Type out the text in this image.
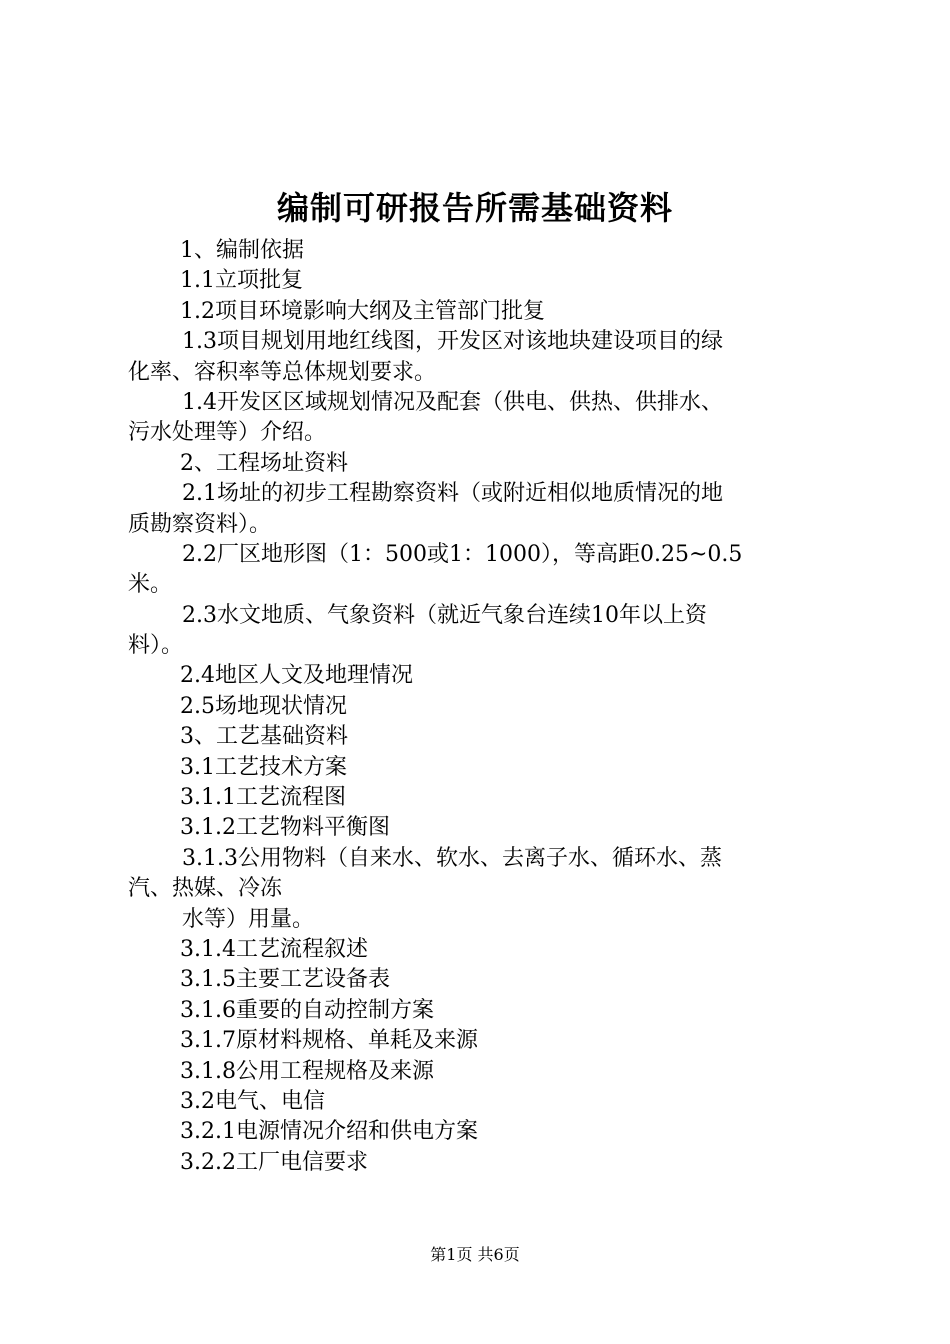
编制可研报告所需基础资料
1、编制依据
1.1立项批复
1.2项目环境影响大纲及主管部门批复
1.3项目规划用地红线图，开发区对该地块建设项目的绿
化率、容积率等总体规划要求。
1.4开发区区域规划情况及配套（供电、供热、供排水、
污水处理等）介绍。
2、工程场址资料
2.1场址的初步工程勘察资料（或附近相似地质情况的地
质勘察资料）。
2.2厂区地形图（1：500或1：1000），等高距0.25~0.5
米。
2.3水文地质、气象资料（就近气象台连续10年以上资
料）。
2.4地区人文及地理情况
2.5场地现状情况
3、工艺基础资料
3.1工艺技术方案
3.1.1工艺流程图
3.1.2工艺物料平衡图
3.1.3公用物料（自来水、软水、去离子水、循环水、蒸
汽、热媒、冷冻
水等）用量。
3.1.4工艺流程叙述
3.1.5主要工艺设备表
3.1.6重要的自动控制方案
3.1.7原材料规格、单耗及来源
3.1.8公用工程规格及来源
3.2电气、电信
3.2.1电源情况介绍和供电方案
3.2.2工厂电信要求
第1页 共6页
